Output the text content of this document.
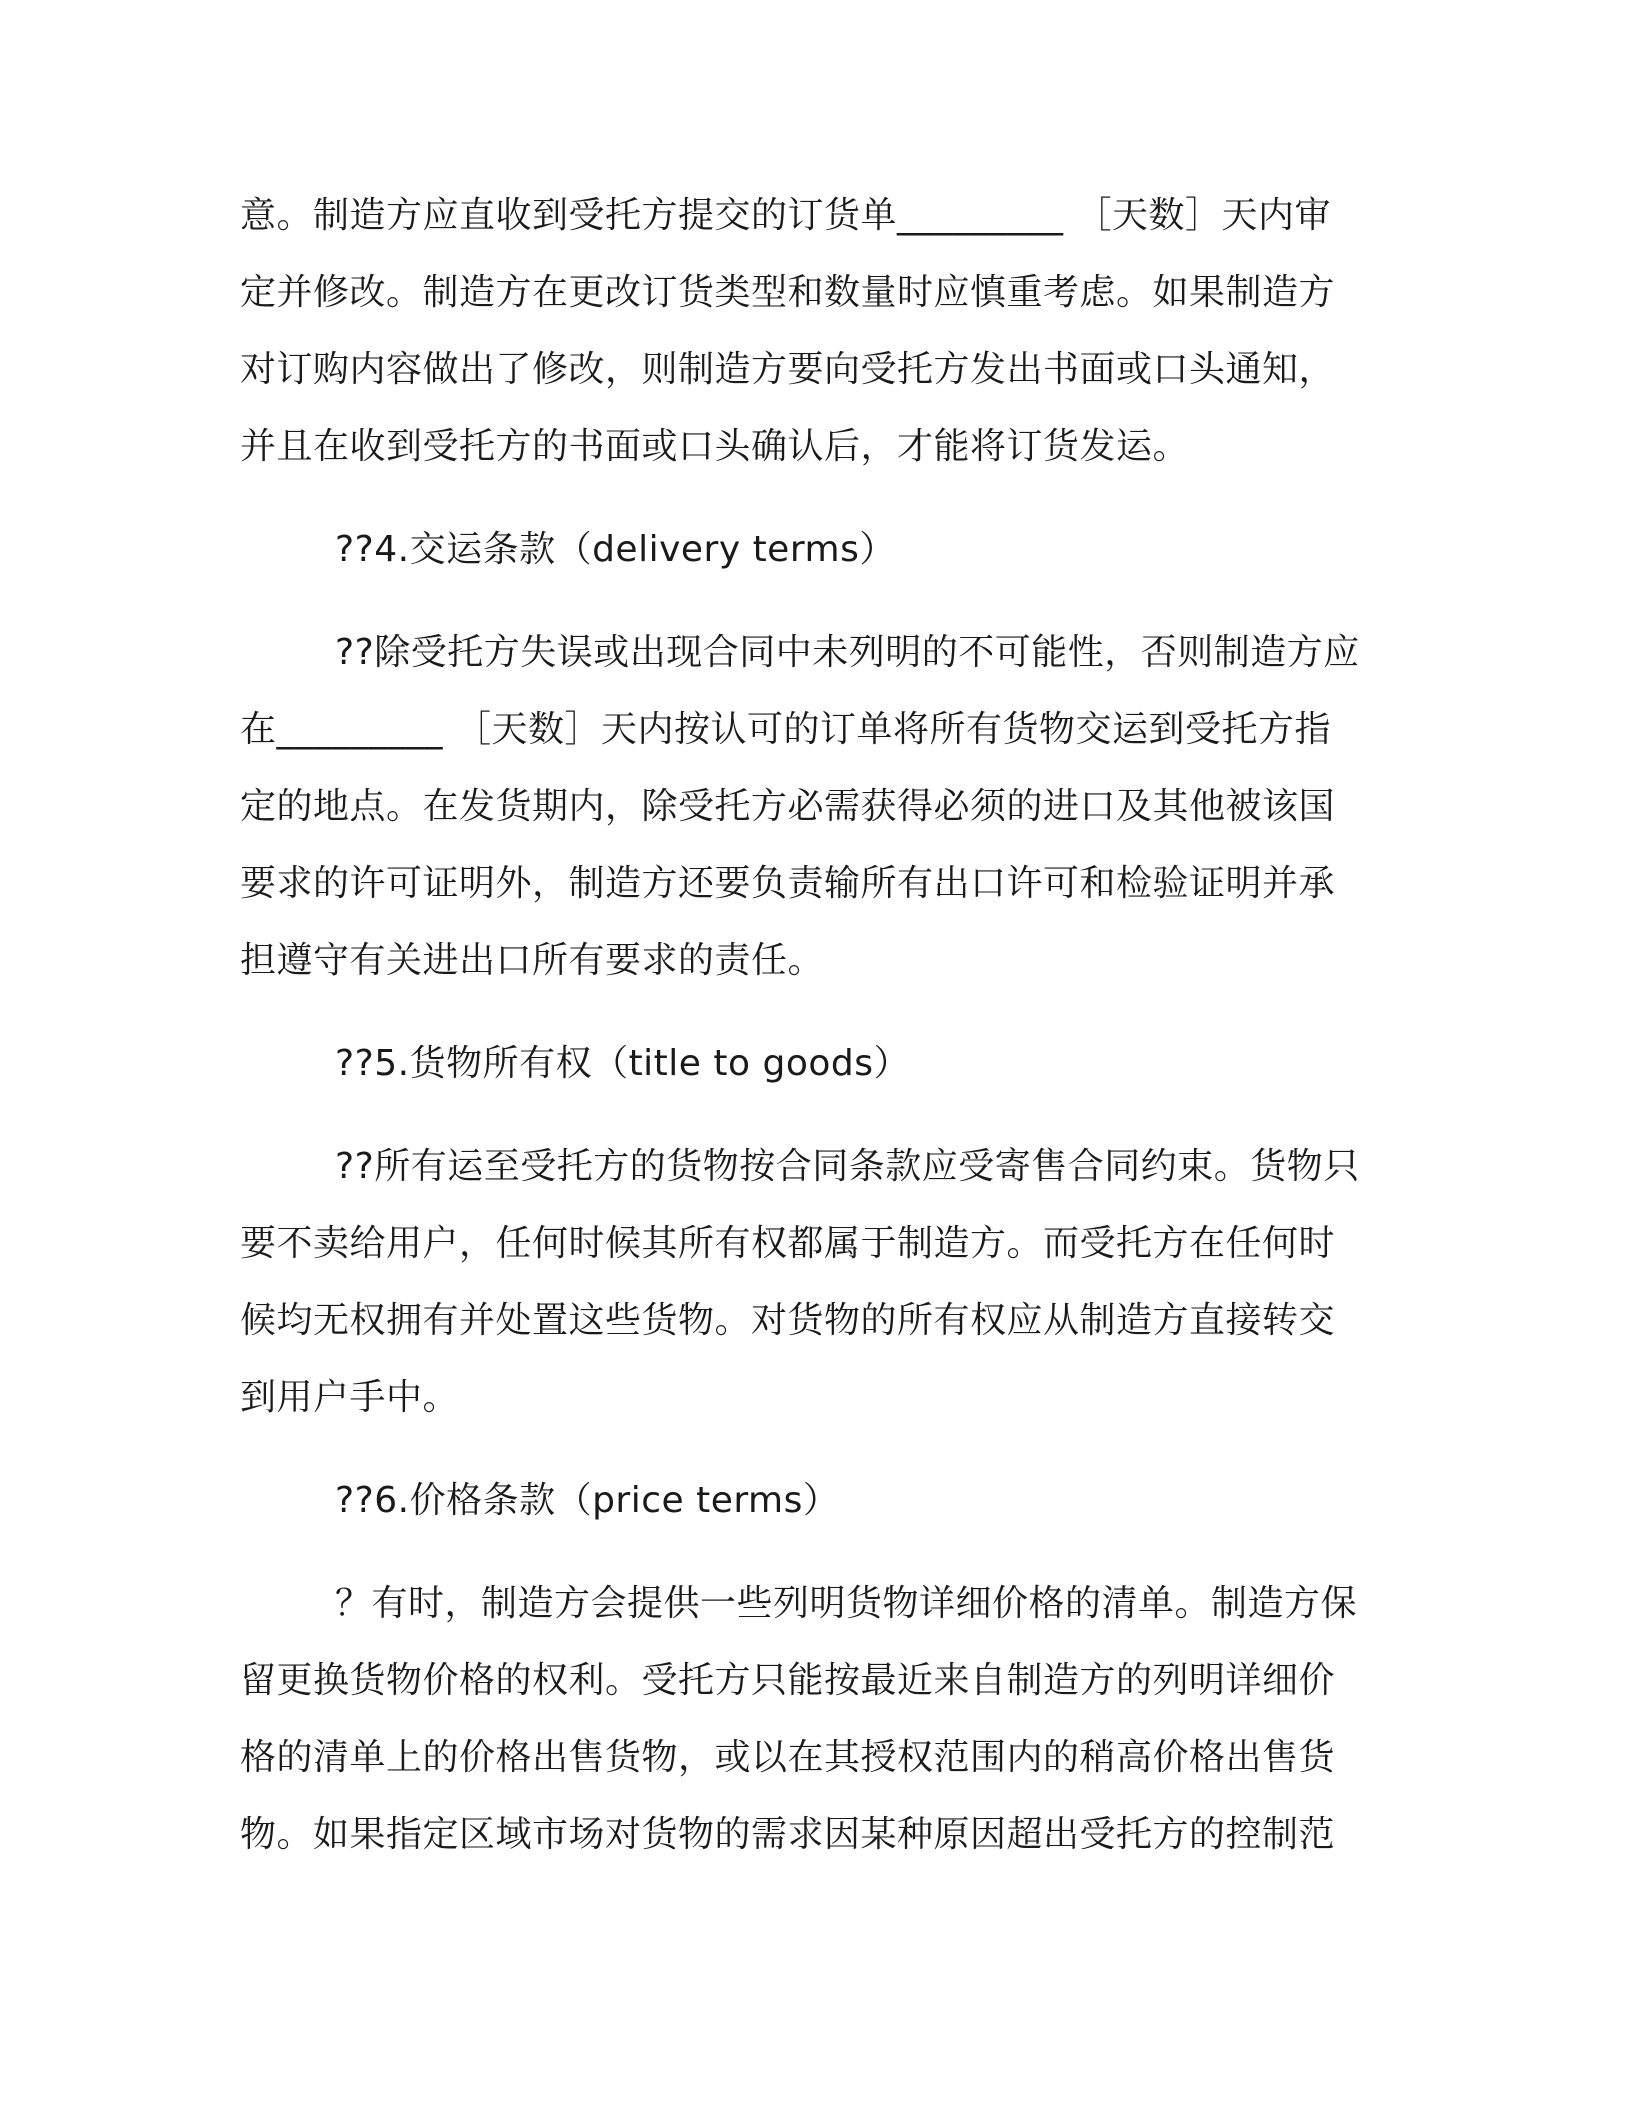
意。制造方应直收到受托方提交的订货单_________ ［天数］天内审
定并修改。制造方在更改订货类型和数量时应慎重考虑。如果制造方
对订购内容做出了修改，则制造方要向受托方发出书面或口头通知，
并且在收到受托方的书面或口头确认后，才能将订货发运。
??4.交运条款（delivery terms）
??除受托方失误或出现合同中未列明的不可能性，否则制造方应
在_________ ［天数］天内按认可的订单将所有货物交运到受托方指
定的地点。在发货期内，除受托方必需获得必须的进口及其他被该国
要求的许可证明外，制造方还要负责输所有出口许可和检验证明并承
担遵守有关进出口所有要求的责任。
??5.货物所有权（title to goods）
??所有运至受托方的货物按合同条款应受寄售合同约束。货物只
要不卖给用户，任何时候其所有权都属于制造方。而受托方在任何时
候均无权拥有并处置这些货物。对货物的所有权应从制造方直接转交
到用户手中。
??6.价格条款（price terms）
？有时，制造方会提供一些列明货物详细价格的清单。制造方保
留更换货物价格的权利。受托方只能按最近来自制造方的列明详细价
格的清单上的价格出售货物，或以在其授权范围内的稍高价格出售货
物。如果指定区域市场对货物的需求因某种原因超出受托方的控制范
